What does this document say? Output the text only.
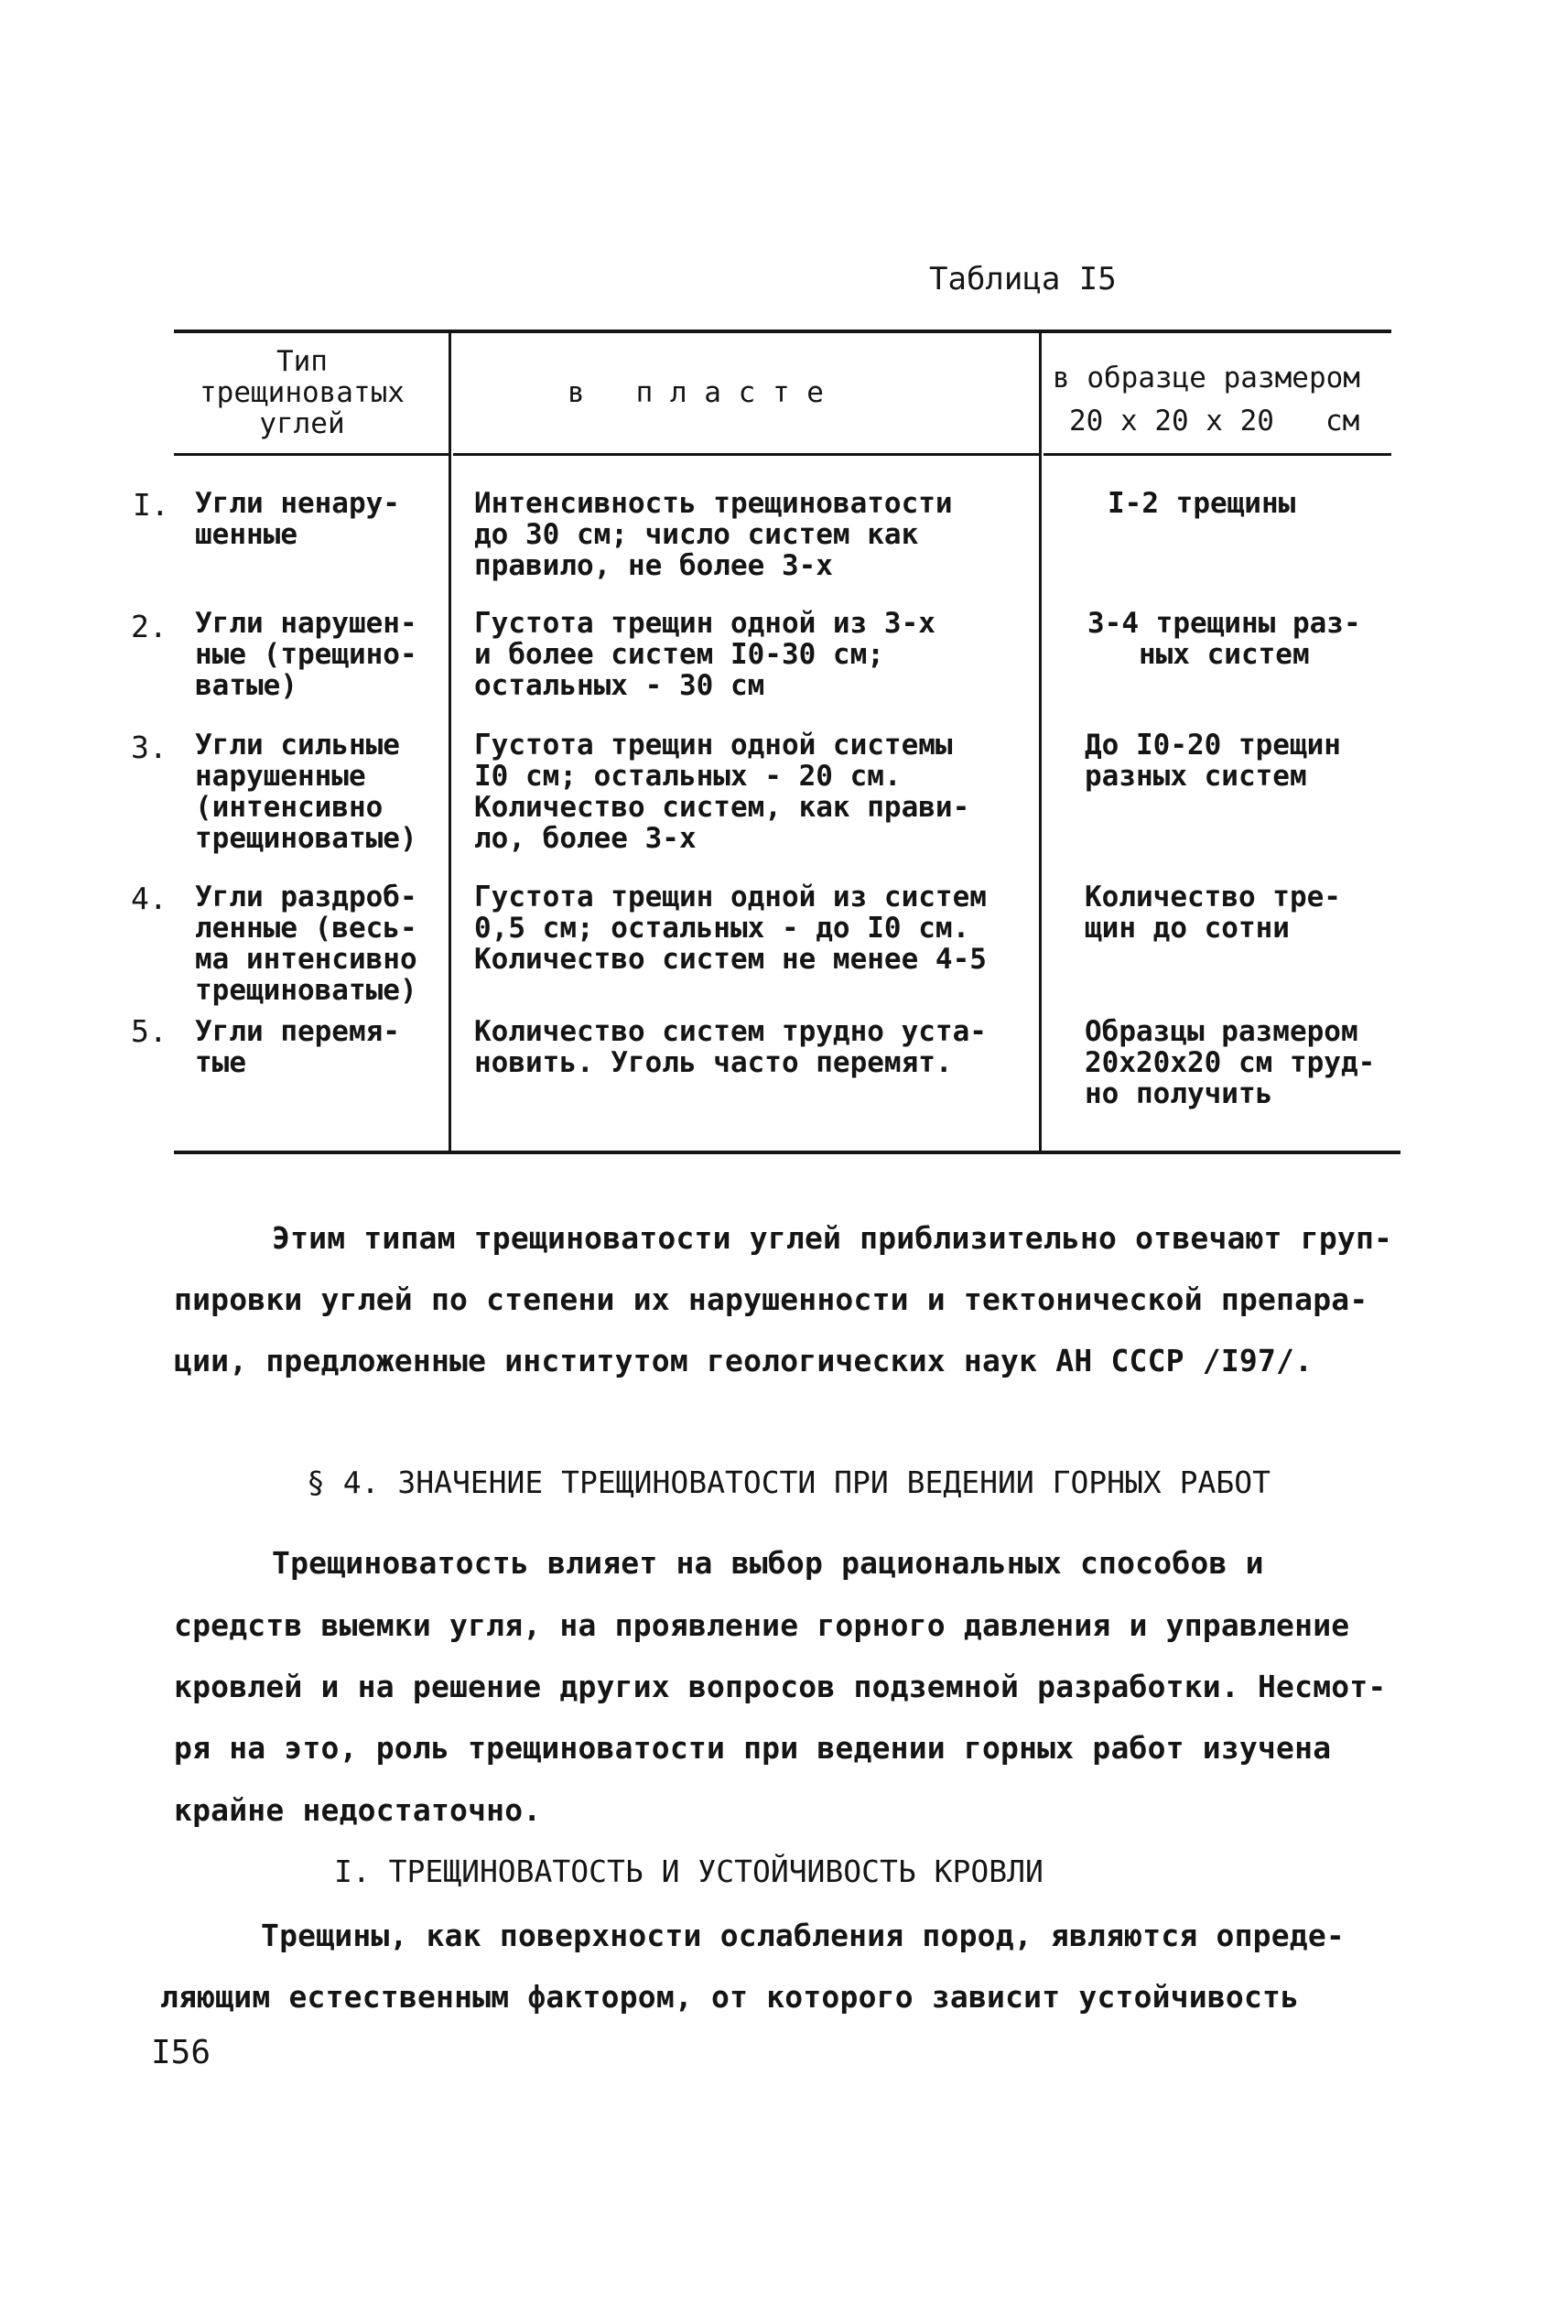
Таблица I5
Тип
трещиноватых
углей
в   п л а с т е	в образце размером
20 х 20 х 20   см
I. Угли ненару-
шенные
Интенсивность трещиноватости
до 30 см; число систем как
правило, не более 3-х
I-2 трещины
2. Угли нарушен-
ные (трещино-
ватые)
Густота трещин одной из 3-х
и более систем I0-30 см;
остальных - 30 см
3-4 трещины раз-
ных систем
3. Угли сильные
нарушенные
(интенсивно
трещиноватые)
Густота трещин одной системы
I0 см; остальных - 20 см.
Количество систем, как прави-
ло, более 3-х
До I0-20 трещин
разных систем
4. Угли раздроб-
ленные (весь-
ма интенсивно
трещиноватые)
Густота трещин одной из систем
0,5 см; остальных - до I0 см.
Количество систем не менее 4-5
Количество тре-
щин до сотни
5. Угли перемя-
тые
Количество систем трудно уста-
новить. Уголь часто перемят.
Образцы размером
20х20х20 см труд-
но получить
Этим типам трещиноватости углей приблизительно отвечают груп-
пировки углей по степени их нарушенности и тектонической препара-
ции, предложенные институтом геологических наук АН СССР /I97/.
§ 4. ЗНАЧЕНИЕ ТРЕЩИНОВАТОСТИ ПРИ ВЕДЕНИИ ГОРНЫХ РАБОТ
Трещиноватость влияет на выбор рациональных способов и
средств выемки угля, на проявление горного давления и управление
кровлей и на решение других вопросов подземной разработки. Несмот-
ря на это, роль трещиноватости при ведении горных работ изучена
крайне недостаточно.
I. ТРЕЩИНОВАТОСТЬ И УСТОЙЧИВОСТЬ КРОВЛИ
Трещины, как поверхности ослабления пород, являются опреде-
ляющим естественным фактором, от которого зависит устойчивость
I56
